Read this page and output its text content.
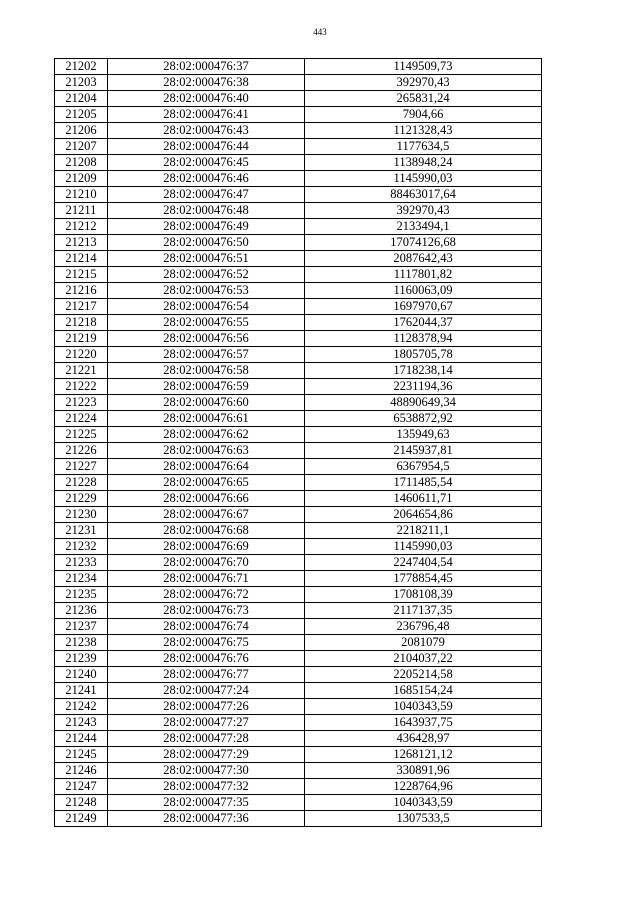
443
21202	28:02:000476:37	1149509,73
21203	28:02:000476:38	392970,43
21204	28:02:000476:40	265831,24
21205	28:02:000476:41	7904,66
21206	28:02:000476:43	1121328,43
21207	28:02:000476:44	1177634,5
21208	28:02:000476:45	1138948,24
21209	28:02:000476:46	1145990,03
21210	28:02:000476:47	88463017,64
21211	28:02:000476:48	392970,43
21212	28:02:000476:49	2133494,1
21213	28:02:000476:50	17074126,68
21214	28:02:000476:51	2087642,43
21215	28:02:000476:52	1117801,82
21216	28:02:000476:53	1160063,09
21217	28:02:000476:54	1697970,67
21218	28:02:000476:55	1762044,37
21219	28:02:000476:56	1128378,94
21220	28:02:000476:57	1805705,78
21221	28:02:000476:58	1718238,14
21222	28:02:000476:59	2231194,36
21223	28:02:000476:60	48890649,34
21224	28:02:000476:61	6538872,92
21225	28:02:000476:62	135949,63
21226	28:02:000476:63	2145937,81
21227	28:02:000476:64	6367954,5
21228	28:02:000476:65	1711485,54
21229	28:02:000476:66	1460611,71
21230	28:02:000476:67	2064654,86
21231	28:02:000476:68	2218211,1
21232	28:02:000476:69	1145990,03
21233	28:02:000476:70	2247404,54
21234	28:02:000476:71	1778854,45
21235	28:02:000476:72	1708108,39
21236	28:02:000476:73	2117137,35
21237	28:02:000476:74	236796,48
21238	28:02:000476:75	2081079
21239	28:02:000476:76	2104037,22
21240	28:02:000476:77	2205214,58
21241	28:02:000477:24	1685154,24
21242	28:02:000477:26	1040343,59
21243	28:02:000477:27	1643937,75
21244	28:02:000477:28	436428,97
21245	28:02:000477:29	1268121,12
21246	28:02:000477:30	330891,96
21247	28:02:000477:32	1228764,96
21248	28:02:000477:35	1040343,59
21249	28:02:000477:36	1307533,5
